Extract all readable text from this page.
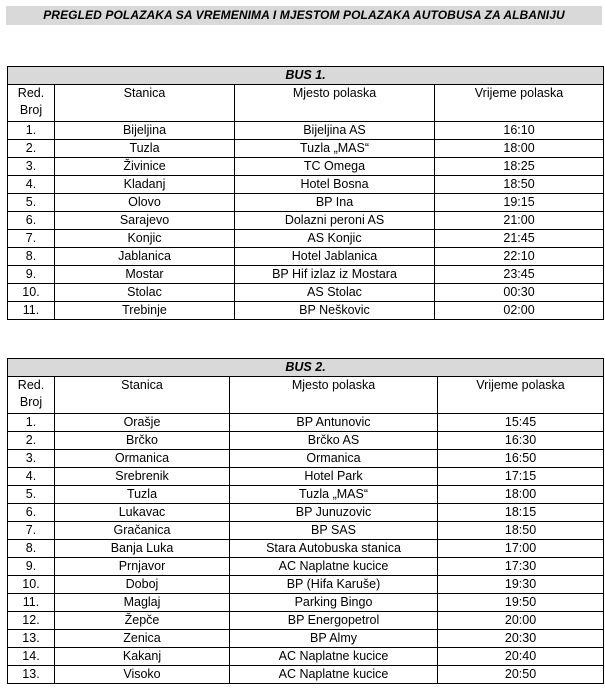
PREGLED POLAZAKA SA VREMENIMA I MJESTOM POLAZAKA AUTOBUSA ZA ALBANIJU
BUS 1.			
Red.
Broj	Stanica	Mjesto polaska	Vrijeme polaska
1.	Bijeljina	Bijeljina AS	16:10
2.	Tuzla	Tuzla „MAS“	18:00
3.	Živinice	TC Omega	18:25
4.	Kladanj	Hotel Bosna	18:50
5.	Olovo	BP Ina	19:15
6.	Sarajevo	Dolazni peroni AS	21:00
7.	Konjic	AS Konjic	21:45
8.	Jablanica	Hotel Jablanica	22:10
9.	Mostar	BP Hif izlaz iz Mostara	23:45
10.	Stolac	AS Stolac	00:30
11.	Trebinje	BP Neškovic	02:00
BUS 2.			
Red.
Broj	Stanica	Mjesto polaska	Vrijeme polaska
1.	Orašje	BP Antunovic	15:45
2.	Brčko	Brčko AS	16:30
3.	Ormanica	Ormanica	16:50
4.	Srebrenik	Hotel Park	17:15
5.	Tuzla	Tuzla „MAS“	18:00
6.	Lukavac	BP Junuzovic	18:15
7.	Gračanica	BP SAS	18:50
8.	Banja Luka	Stara Autobuska stanica	17:00
9.	Prnjavor	AC Naplatne kucice	17:30
10.	Doboj	BP (Hifa Karuše)	19:30
11.	Maglaj	Parking Bingo	19:50
12.	Žepče	BP Energopetrol	20:00
13.	Zenica	BP Almy	20:30
14.	Kakanj	AC Naplatne kucice	20:40
13.	Visoko	AC Naplatne kucice	20:50
